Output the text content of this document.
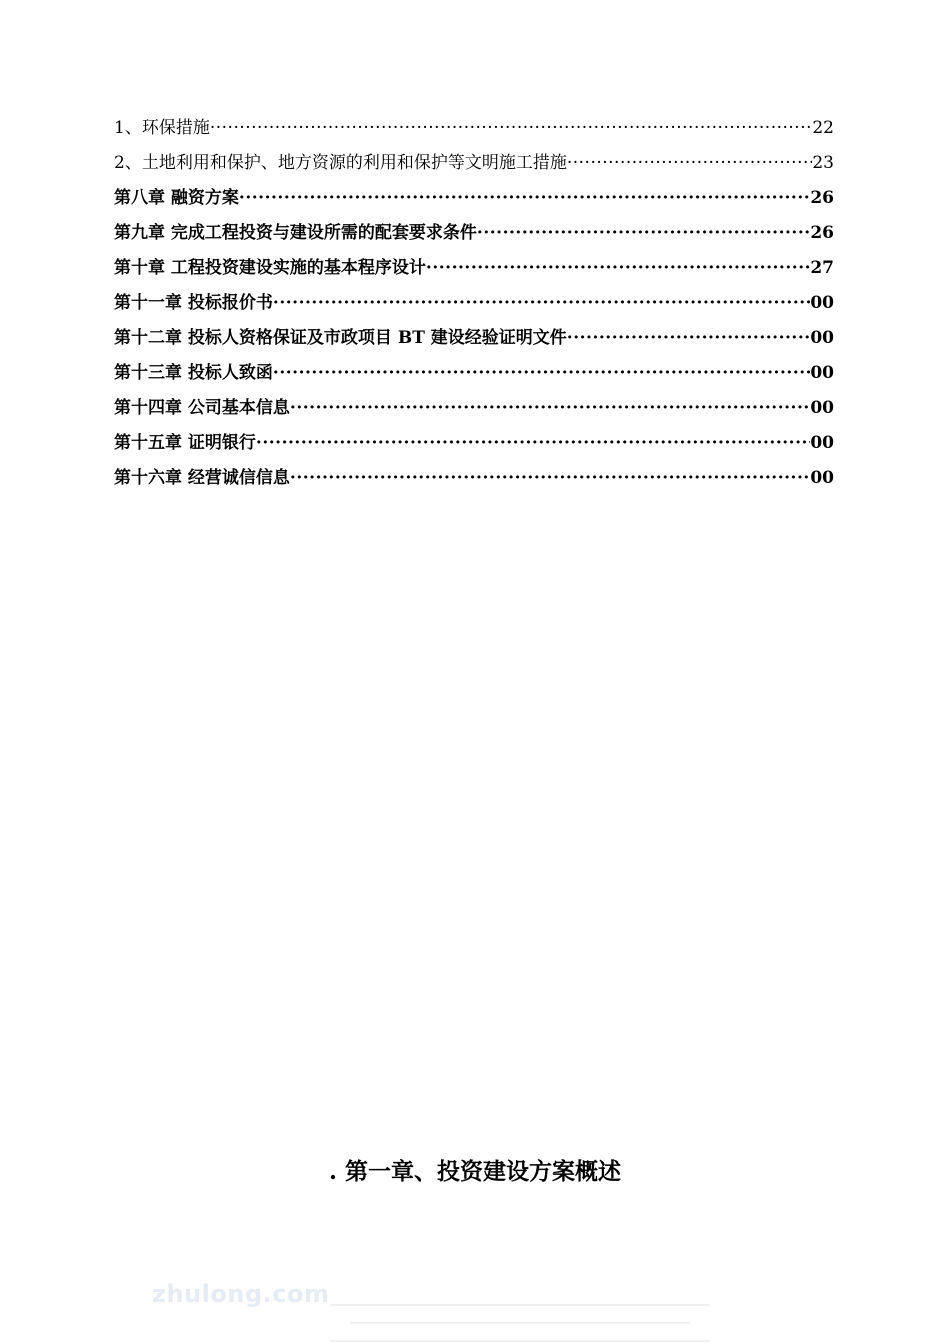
1、环保措施 ·····	22
2、土地利用和保护、地方资源的利用和保护等文明施工措施 ·····	23
第八章 融资方案 ·····	26
第九章 完成工程投资与建设所需的配套要求条件 ·····	26
第十章 工程投资建设实施的基本程序设计 ·····	27
第十一章 投标报价书 ·····	00
第十二章 投标人资格保证及市政项目 BT 建设经验证明文件 ·····	00
第十三章 投标人致函 ·····	00
第十四章 公司基本信息 ·····	00
第十五章 证明银行 ·····	00
第十六章 经营诚信信息 ·····	00
. 第一章、投资建设方案概述
zhulong.com
